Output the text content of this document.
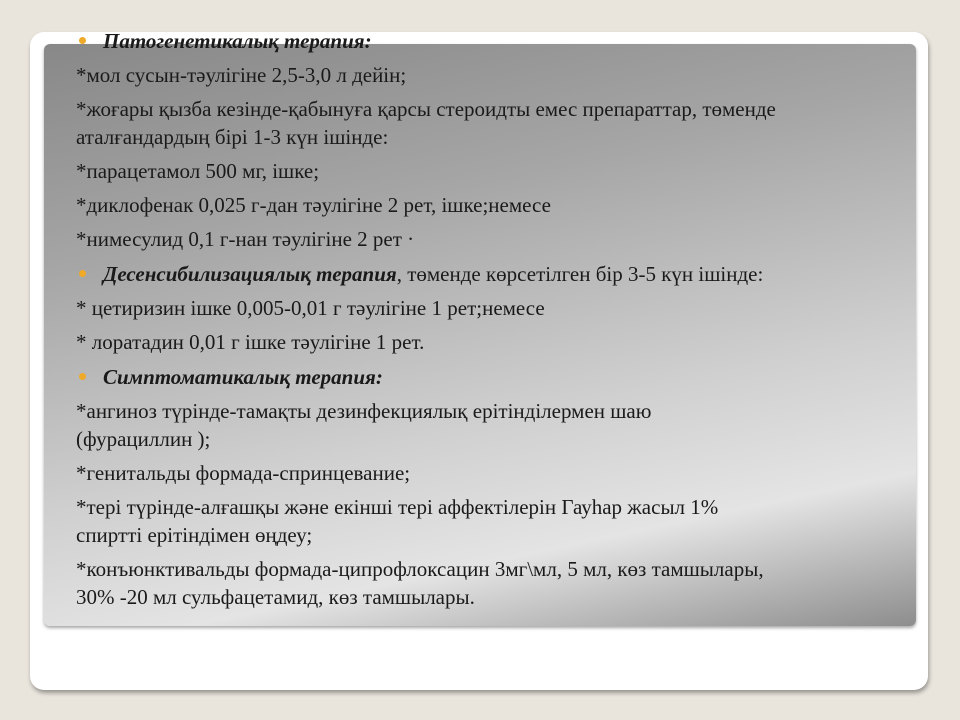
Патогенетикалық терапия:

*мол сусын-тәулігіне 2,5-3,0 л дейін;

*жоғары қызба кезінде-қабынуға қарсы стероидты емес препараттар, төменде

аталғандардың бірі 1-3 күн ішінде:

*парацетамол 500 мг, ішке;

*диклофенак 0,025 г-дан тәулігіне 2 рет, ішке;немесе

*нимесулид 0,1 г-нан тәулігіне 2 рет ·

Десенсибилизациялық терапия , төменде көрсетілген бір 3-5 күн ішінде:

* цетиризин ішке 0,005-0,01 г тәулігіне 1 рет;немесе

* лоратадин 0,01 г ішке тәулігіне 1 рет.

Симптоматикалық терапия:

*ангиноз түрінде-тамақты дезинфекциялық ерітінділермен шаю

(фурациллин );

*генитальды формада-спринцевание;

*тері түрінде-алғашқы және екінші тері аффектілерін Гауһар жасыл 1%

спиртті ерітіндімен өңдеу;

*конъюнктивальды формада-ципрофлоксацин 3мг\мл, 5 мл, көз тамшылары,

30% -20 мл сульфацетамид, көз тамшылары.
